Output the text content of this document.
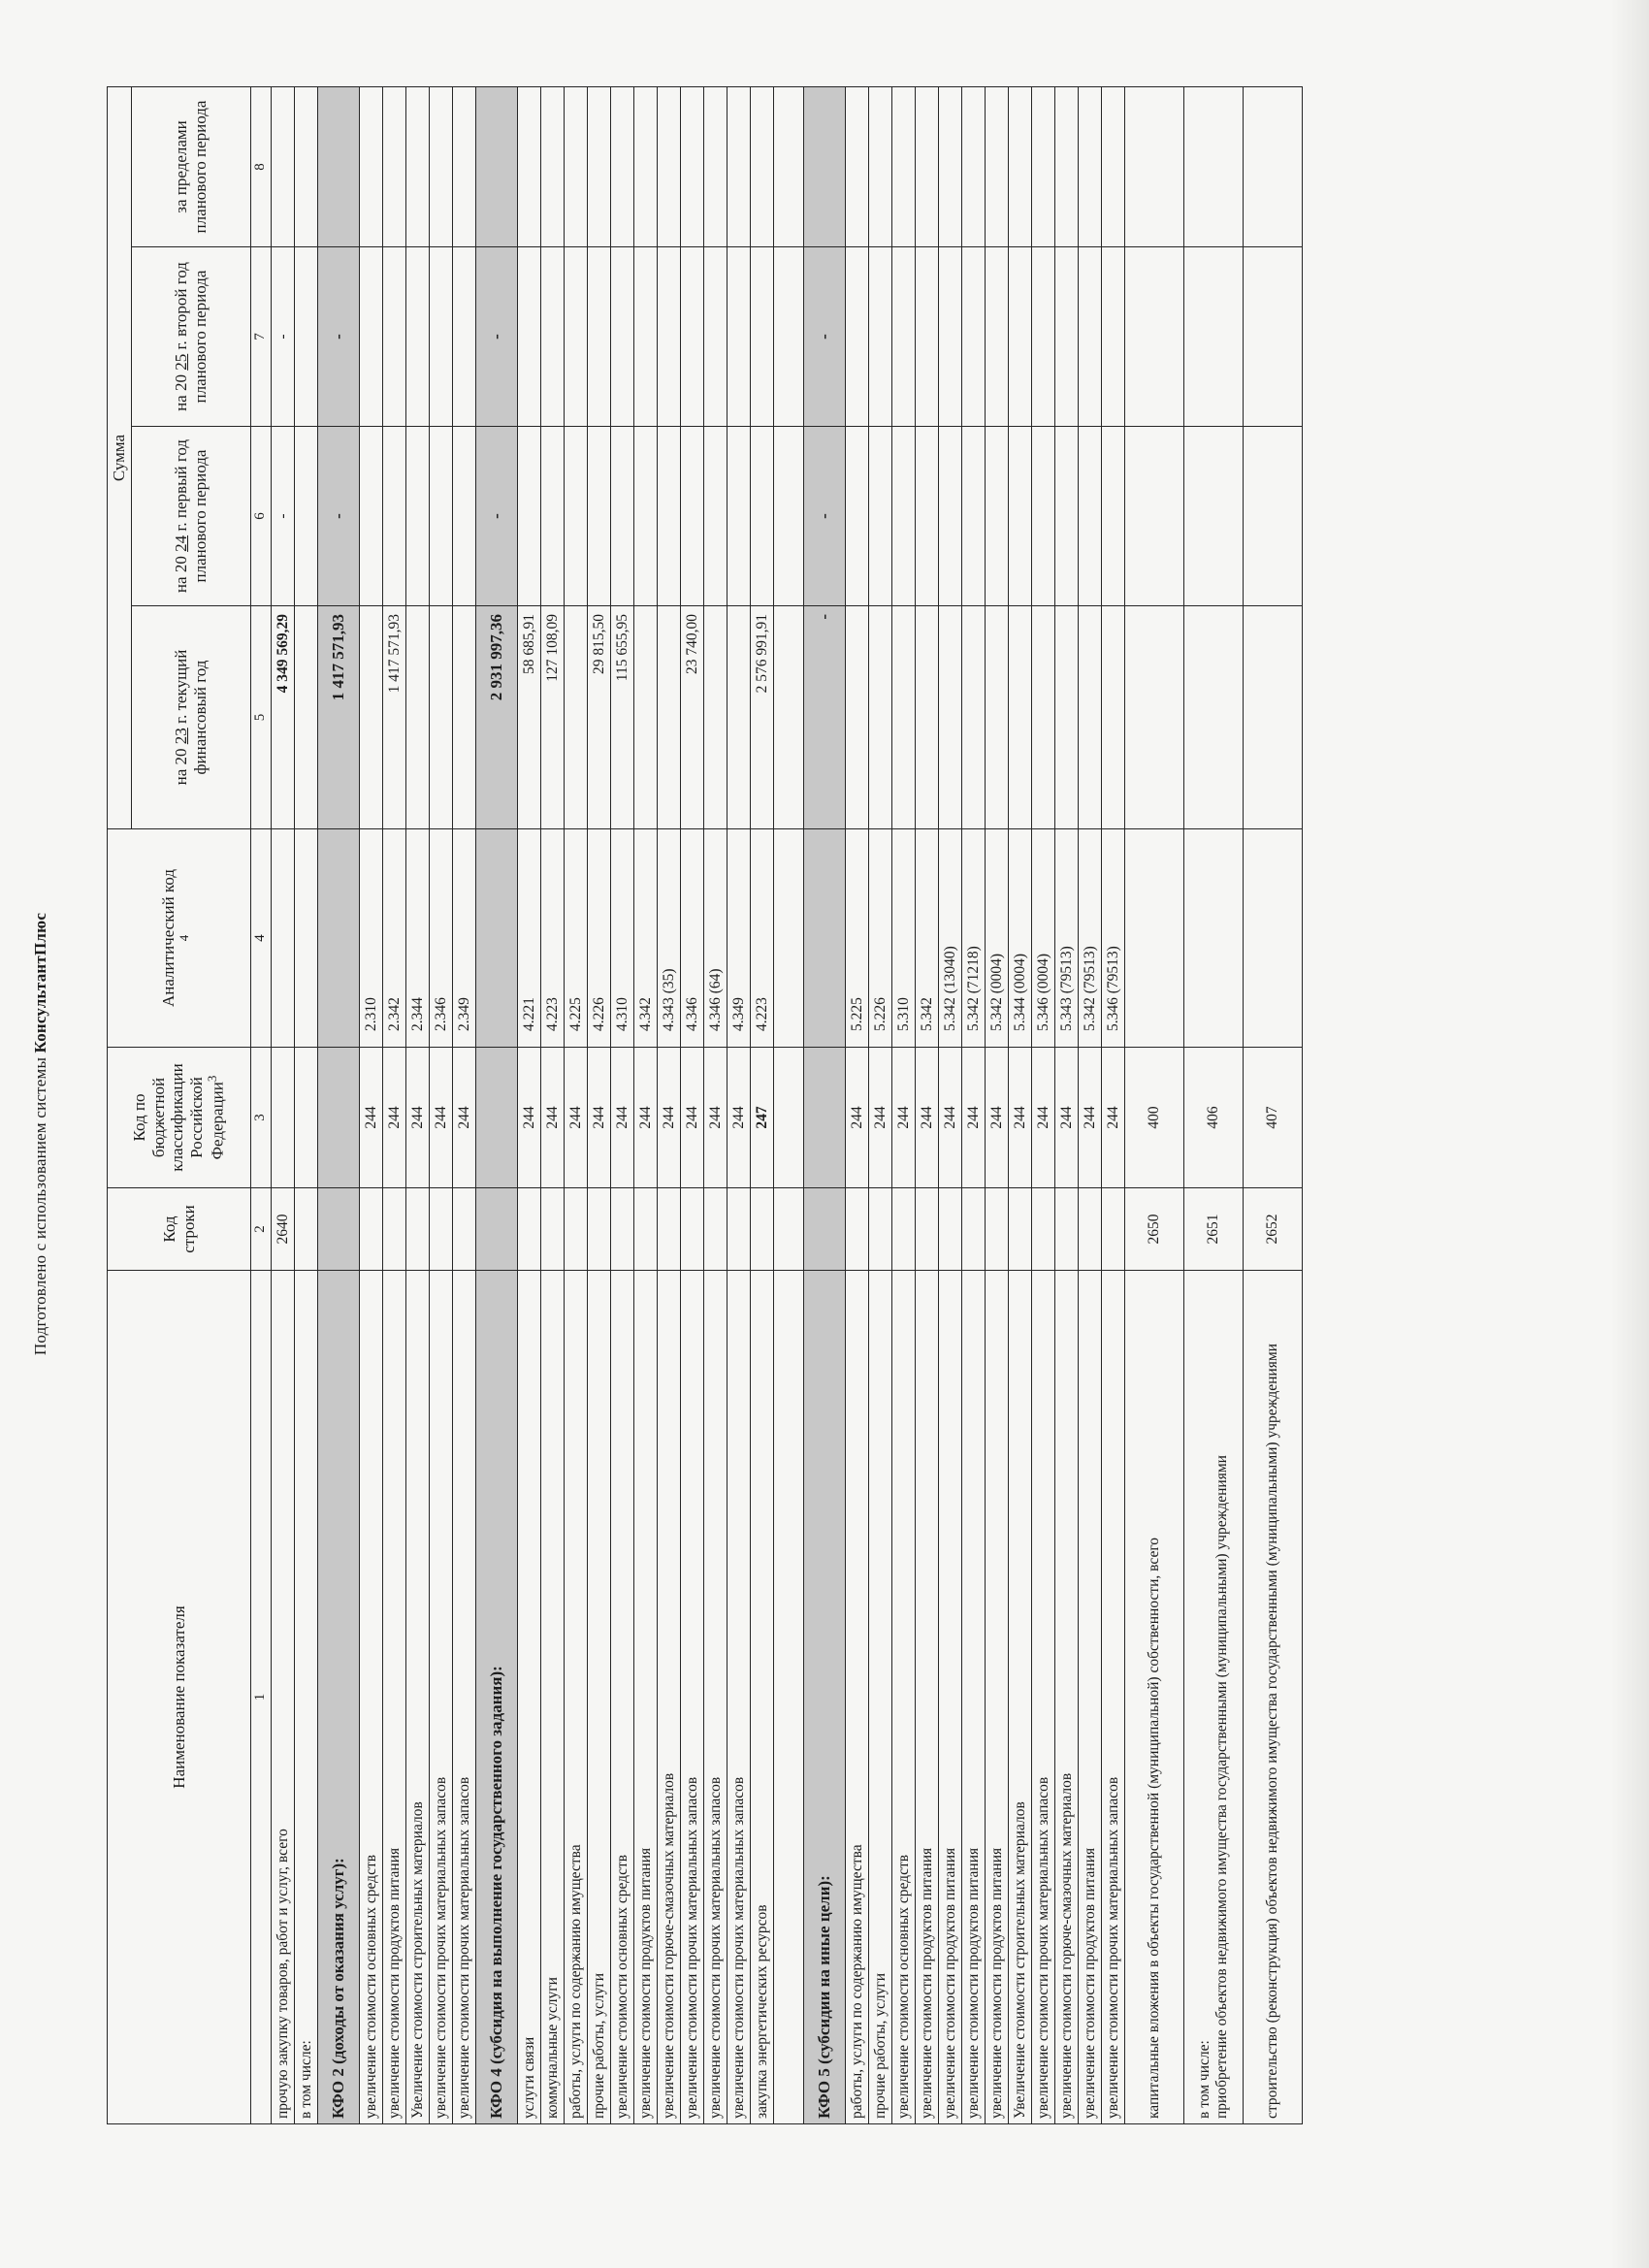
Подготовлено с использованием системы КонсультантПлюс
Наименование показателя	Код строки	Код по бюджетной классификации Российской Федерации$^3$	Аналитический код
$^4$	Сумма			
				на 20 23 г. текущий финансовый год	на 20 24 г. первый год планового периода	на 20 25 г. второй год планового периода	за пределами планового периода
1	2	3	4	5	6	7	8
прочую закупку товаров, работ и услуг, всего	2640			4 349 569,29	-	-	
в том числе:							
КФО 2 (доходы от оказания услуг):				1 417 571,93	-	-	
увеличение стоимости основных средств		244	2.310				
увеличение стоимости продуктов питания		244	2.342	1 417 571,93			
Увеличение стоимости строительных материалов		244	2.344				
увеличение стоимости прочих материальных запасов		244	2.346				
увеличение стоимости прочих материальных запасов		244	2.349				
КФО 4 (субсидия на выполнение государственного задания):				2 931 997,36	-	-	
услуги связи		244	4.221	58 685,91			
коммунальные услуги		244	4.223	127 108,09			
работы, услуги по содержанию имущества		244	4.225				
прочие работы, услуги		244	4.226	29 815,50			
увеличение стоимости основных средств		244	4.310	115 655,95			
увеличение стоимости продуктов питания		244	4.342				
увеличение стоимости горюче-смазочных материалов		244	4.343 (35)				
увеличение стоимости прочих материальных запасов		244	4.346	23 740,00			
увеличение стоимости прочих материальных запасов		244	4.346 (64)				
увеличение стоимости прочих материальных запасов		244	4.349				
закупка энергетических ресурсов		247	4.223	2 576 991,91			

КФО 5 (субсидии на иные цели):				-	-	-	
работы, услуги по содержанию имущества		244	5.225				
прочие работы, услуги		244	5.226				
увеличение стоимости основных средств		244	5.310				
увеличение стоимости продуктов питания		244	5.342				
увеличение стоимости продуктов питания		244	5.342 (13040)				
увеличение стоимости продуктов питания		244	5.342 (71218)				
увеличение стоимости продуктов питания		244	5.342 (0004)				
Увеличение стоимости строительных материалов		244	5.344 (0004)				
увеличение стоимости прочих материальных запасов		244	5.346 (0004)				
увеличение стоимости горюче-смазочных материалов		244	5.343 (79513)				
увеличение стоимости продуктов питания		244	5.342 (79513)				
увеличение стоимости прочих материальных запасов		244	5.346 (79513)				
капитальные вложения в объекты государственной (муниципальной) собственности, всего	2650	400					
в том числе:
приобретение объектов недвижимого имущества государственными (муниципальными) учреждениями	2651	406					
строительство (реконструкция) объектов недвижимого имущества государственными (муниципальными) учреждениями	2652	407					
